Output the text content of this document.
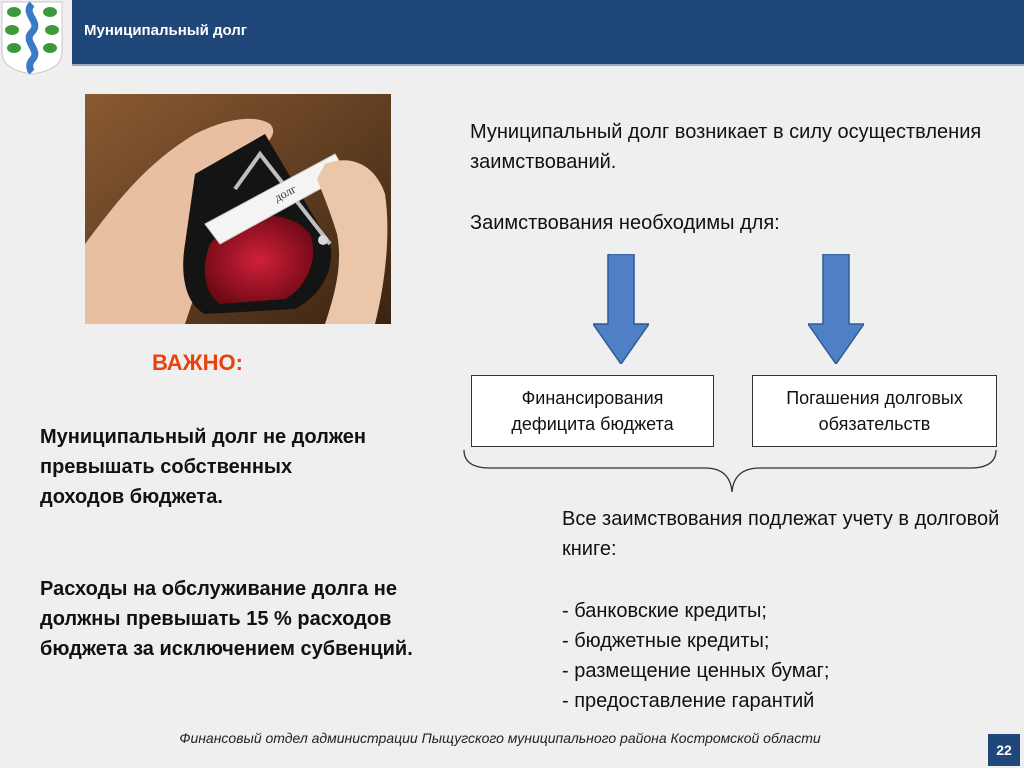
Муниципальный долг
долг
ВАЖНО:

Муниципальный долг не должен превышать собственных доходов бюджета.

Расходы на обслуживание долга не должны превышать 15 % расходов бюджета за исключением субвенций.

Муниципальный долг возникает в силу осуществления заимствований.

Заимствования необходимы для:

Финансирования дефицита бюджета
Погашения долговых обязательств

Все заимствования подлежат учету в долговой книге:

- банковские кредиты;
- бюджетные кредиты;
- размещение ценных бумаг;
- предоставление гарантий
Финансовый отдел администрации Пыщугского муниципального района Костромской области
22
